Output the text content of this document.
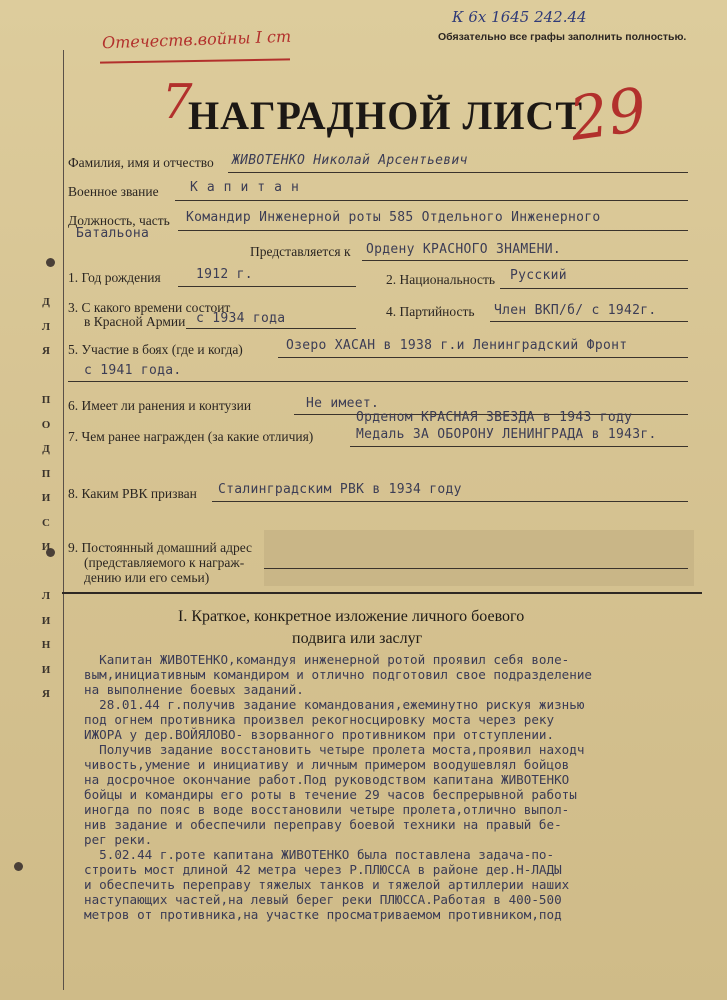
Д
Л
Я

П
О
Д
П
И
С
И

Л
И
Н
И
Я
К 6х 1645 242.44
Отечеств.войны I ст	Обязательно все графы заполнить полностью.
7
НАГРАДНОЙ ЛИСТ
29
Фамилия, имя и отчество ЖИВОТЕНКО Николай Арсентьевич
Военное звание Капитан
Должность, часть Командир Инженерной роты 585 Отдельного Инженерного
Батальона
Представляется к Ордену КРАСНОГО ЗНАМЕНИ.
1. Год рождения	1912 г.	2. Национальность Русский
3. С какого времени состоит
в Красной Армии с 1934 года	4. Партийность Член ВКП/б/ с 1942г.
5. Участие в боях (где и когда)	Озеро ХАСАН в 1938 г.и Ленинградский Фронт
с 1941 года.
6. Имеет ли ранения и контузии	Не имеет.
Орденом КРАСНАЯ ЗВЕЗДА в 1943 году
7. Чем ранее награжден (за какие отличия)	Медаль ЗА ОБОРОНУ ЛЕНИНГРАДА в 1943г.
8. Каким РВК призван Сталинградским РВК в 1934 году
9. Постоянный домашний адрес
(представляемого к награж-
дению или его семьи)
I. Краткое, конкретное изложение личного боевого
подвига или заслуг
Капитан ЖИВОТЕНКО,командуя инженерной ротой проявил себя воле-
вым,инициативным командиром и отлично подготовил свое подразделение
на выполнение боевых заданий.
28.01.44 г.получив задание командования,ежеминутно рискуя жизнью
под огнем противника произвел рекогносцировку моста через реку
ИЖОРА у дер.ВОЙЯЛОВО- взорванного противником при отступлении.
Получив задание восстановить четыре пролета моста,проявил находч
чивость,умение и инициативу и личным примером воодушевлял бойцов
на досрочное окончание работ.Под руководством капитана ЖИВОТЕНКО
бойцы и командиры его роты в течение 29 часов беспрерывной работы
иногда по пояс в воде восстановили четыре пролета,отлично выпол-
нив задание и обеспечили переправу боевой техники на правый бе-
рег реки.
5.02.44 г.роте капитана ЖИВОТЕНКО была поставлена задача-по-
строить мост длиной 42 метра через Р.ПЛЮССА в районе дер.Н-ЛАДЫ
и обеспечить переправу тяжелых танков и тяжелой артиллерии наших
наступающих частей,на левый берег реки ПЛЮССА.Работая в 400-500
метров от противника,на участке просматриваемом противником,под
